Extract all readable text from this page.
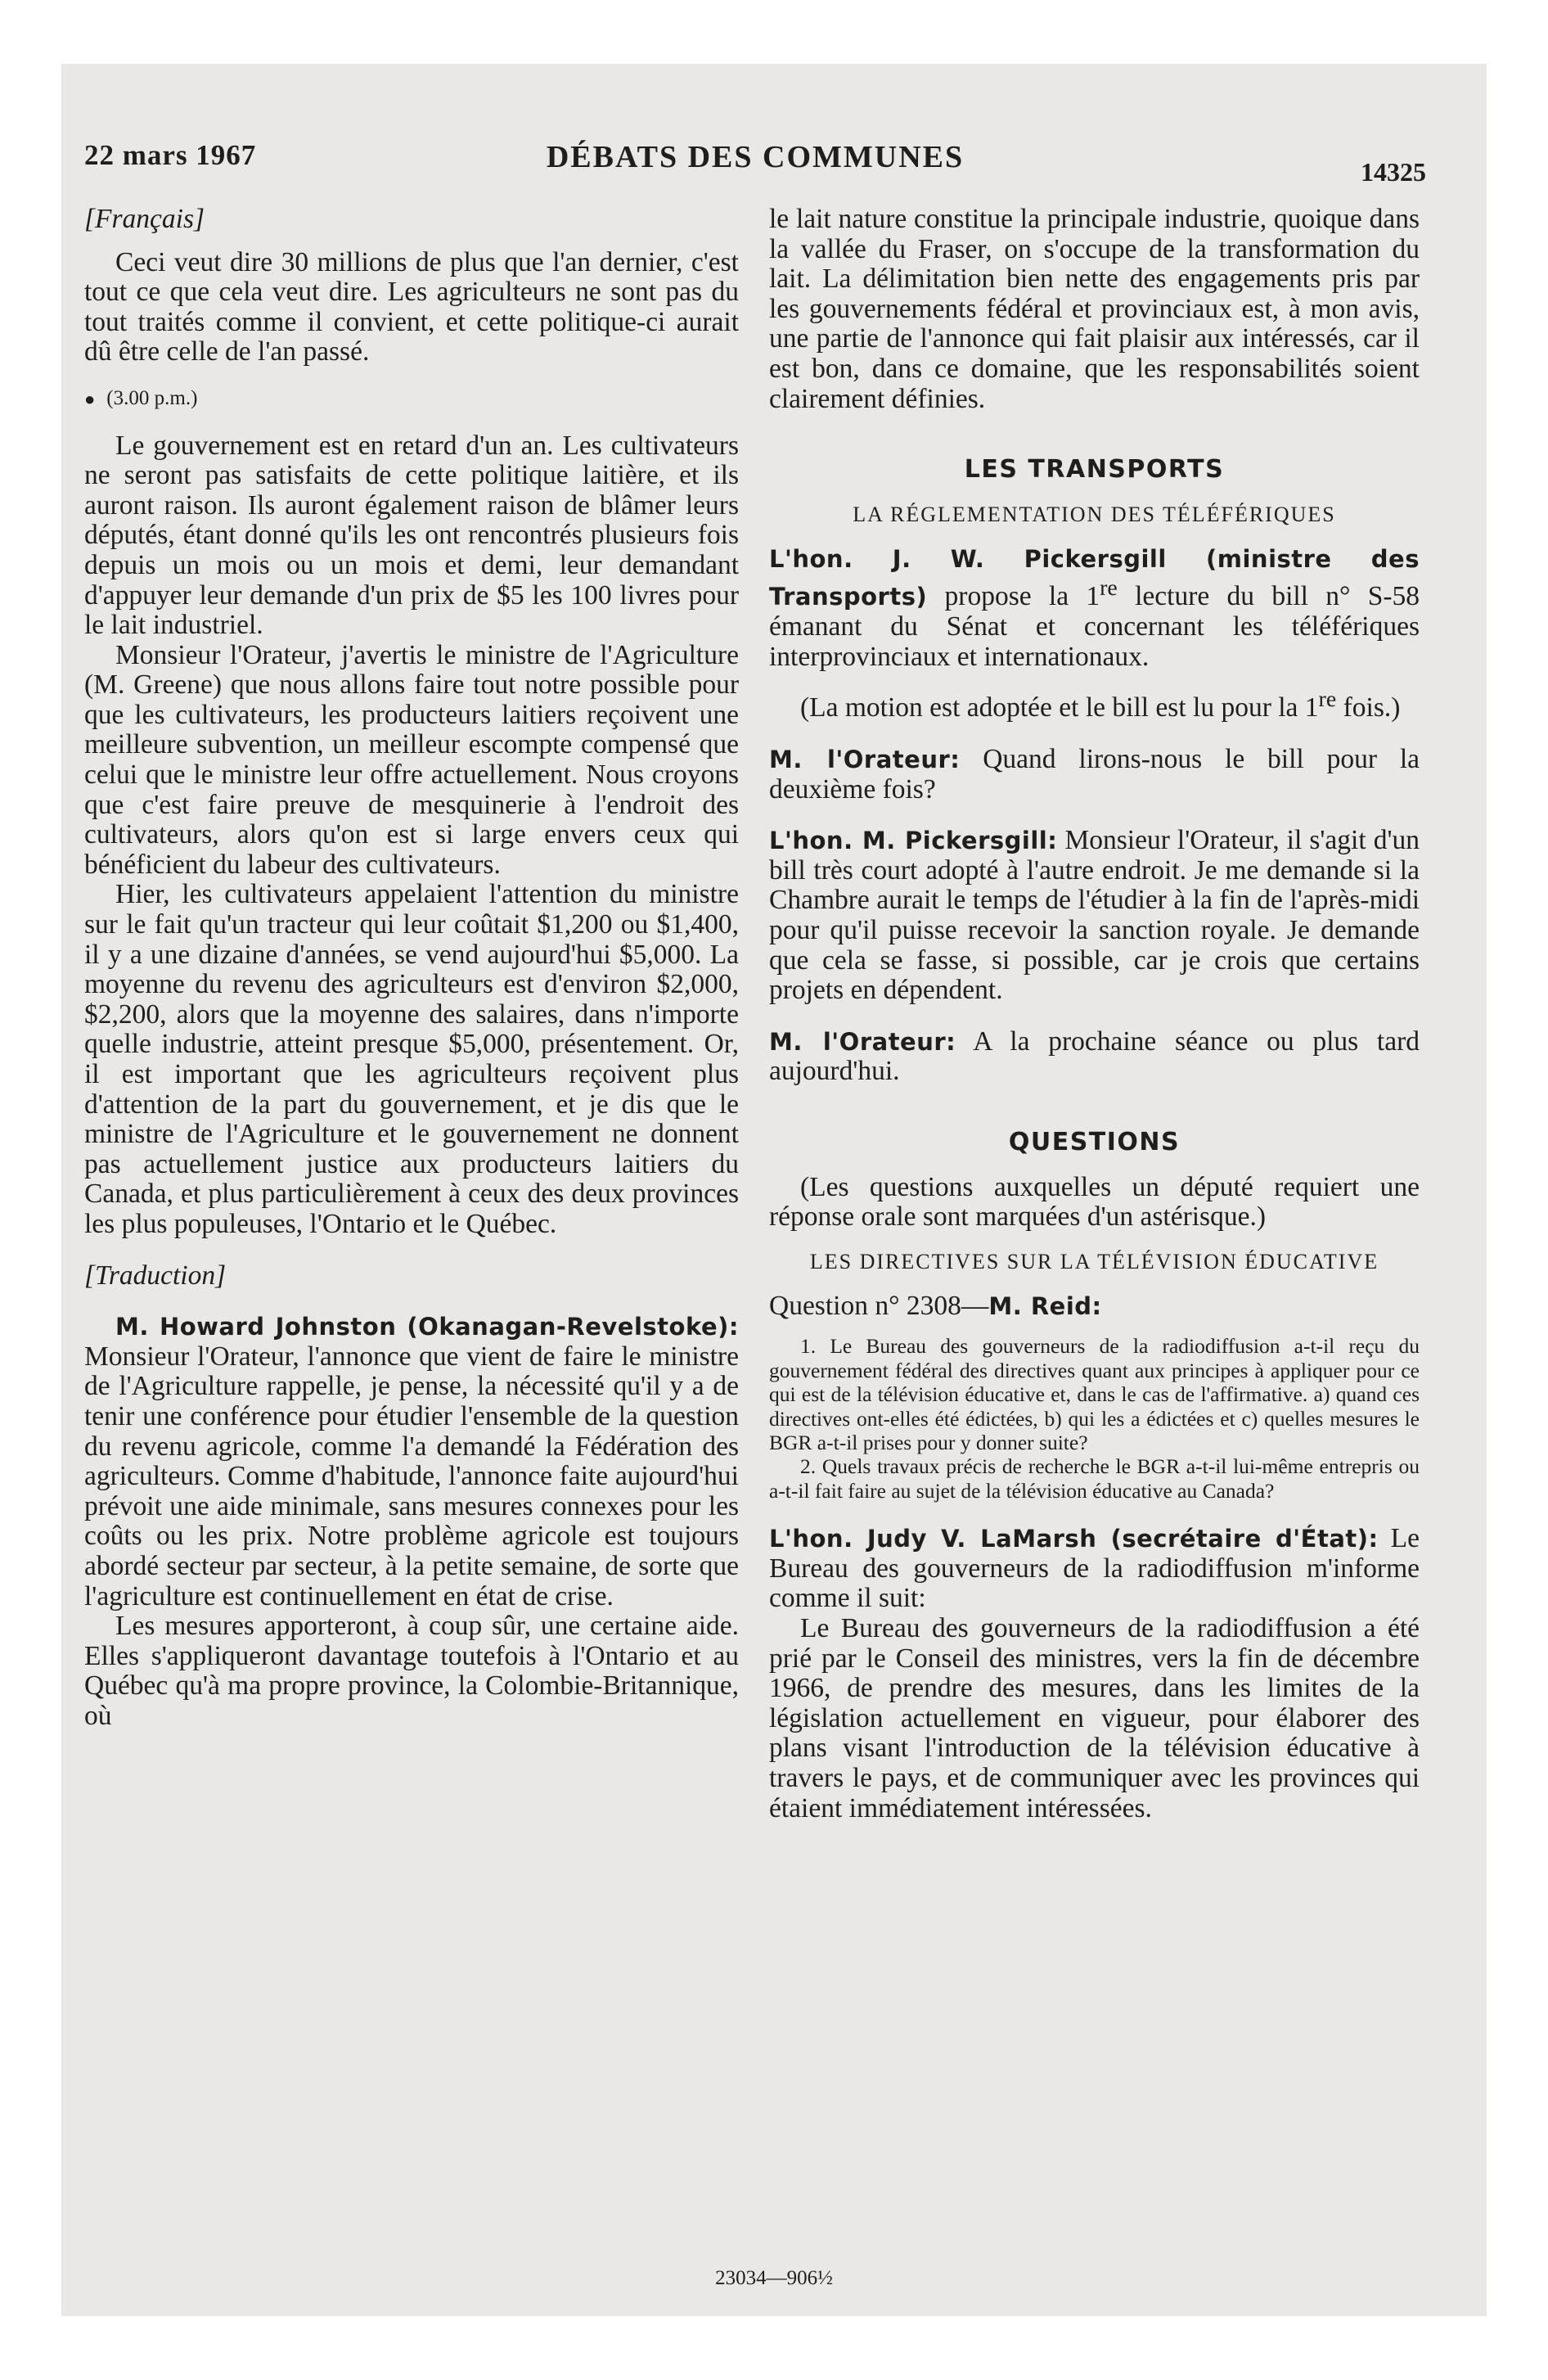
22 mars 1967	DÉBATS DES COMMUNES	14325

[Français]

Ceci veut dire 30 millions de plus que l'an dernier, c'est tout ce que cela veut dire. Les agriculteurs ne sont pas du tout traités comme il convient, et cette politique-ci aurait dû être celle de l'an passé.

● (3.00 p.m.)

Le gouvernement est en retard d'un an. Les cultivateurs ne seront pas satisfaits de cette politique laitière, et ils auront raison. Ils auront également raison de blâmer leurs députés, étant donné qu'ils les ont rencontrés plusieurs fois depuis un mois ou un mois et demi, leur demandant d'appuyer leur demande d'un prix de $5 les 100 livres pour le lait industriel.

Monsieur l'Orateur, j'avertis le ministre de l'Agriculture (M. Greene) que nous allons faire tout notre possible pour que les cultivateurs, les producteurs laitiers reçoivent une meilleure subvention, un meilleur escompte compensé que celui que le ministre leur offre actuellement. Nous croyons que c'est faire preuve de mesquinerie à l'endroit des cultivateurs, alors qu'on est si large envers ceux qui bénéficient du labeur des cultivateurs.

Hier, les cultivateurs appelaient l'attention du ministre sur le fait qu'un tracteur qui leur coûtait $1,200 ou $1,400, il y a une dizaine d'années, se vend aujourd'hui $5,000. La moyenne du revenu des agriculteurs est d'environ $2,000, $2,200, alors que la moyenne des salaires, dans n'importe quelle industrie, atteint presque $5,000, présentement. Or, il est important que les agriculteurs reçoivent plus d'attention de la part du gouvernement, et je dis que le ministre de l'Agriculture et le gouvernement ne donnent pas actuellement justice aux producteurs laitiers du Canada, et plus particulièrement à ceux des deux provinces les plus populeuses, l'Ontario et le Québec.

[Traduction]

M. Howard Johnston (Okanagan-Revelstoke): Monsieur l'Orateur, l'annonce que vient de faire le ministre de l'Agriculture rappelle, je pense, la nécessité qu'il y a de tenir une conférence pour étudier l'ensemble de la question du revenu agricole, comme l'a demandé la Fédération des agriculteurs. Comme d'habitude, l'annonce faite aujourd'hui prévoit une aide minimale, sans mesures connexes pour les coûts ou les prix. Notre problème agricole est toujours abordé secteur par secteur, à la petite semaine, de sorte que l'agriculture est continuellement en état de crise.

Les mesures apporteront, à coup sûr, une certaine aide. Elles s'appliqueront davantage toutefois à l'Ontario et au Québec qu'à ma propre province, la Colombie-Britannique, où

le lait nature constitue la principale industrie, quoique dans la vallée du Fraser, on s'occupe de la transformation du lait. La délimitation bien nette des engagements pris par les gouvernements fédéral et provinciaux est, à mon avis, une partie de l'annonce qui fait plaisir aux intéressés, car il est bon, dans ce domaine, que les responsabilités soient clairement définies.

LES TRANSPORTS

LA RÉGLEMENTATION DES TÉLÉFÉRIQUES

L'hon. J. W. Pickersgill (ministre des Transports) propose la 1re lecture du bill n° S-58 émanant du Sénat et concernant les téléfériques interprovinciaux et internationaux.

(La motion est adoptée et le bill est lu pour la 1re fois.)

M. l'Orateur: Quand lirons-nous le bill pour la deuxième fois?

L'hon. M. Pickersgill: Monsieur l'Orateur, il s'agit d'un bill très court adopté à l'autre endroit. Je me demande si la Chambre aurait le temps de l'étudier à la fin de l'après-midi pour qu'il puisse recevoir la sanction royale. Je demande que cela se fasse, si possible, car je crois que certains projets en dépendent.

M. l'Orateur: A la prochaine séance ou plus tard aujourd'hui.

QUESTIONS

(Les questions auxquelles un député requiert une réponse orale sont marquées d'un astérisque.)

LES DIRECTIVES SUR LA TÉLÉVISION ÉDUCATIVE

Question n° 2308—M. Reid:

1. Le Bureau des gouverneurs de la radiodiffusion a-t-il reçu du gouvernement fédéral des directives quant aux principes à appliquer pour ce qui est de la télévision éducative et, dans le cas de l'affirmative. a) quand ces directives ont-elles été édictées, b) qui les a édictées et c) quelles mesures le BGR a-t-il prises pour y donner suite?

2. Quels travaux précis de recherche le BGR a-t-il lui-même entrepris ou a-t-il fait faire au sujet de la télévision éducative au Canada?

L'hon. Judy V. LaMarsh (secrétaire d'État): Le Bureau des gouverneurs de la radiodiffusion m'informe comme il suit:

Le Bureau des gouverneurs de la radiodiffusion a été prié par le Conseil des ministres, vers la fin de décembre 1966, de prendre des mesures, dans les limites de la législation actuellement en vigueur, pour élaborer des plans visant l'introduction de la télévision éducative à travers le pays, et de communiquer avec les provinces qui étaient immédiatement intéressées.

23034—906½
